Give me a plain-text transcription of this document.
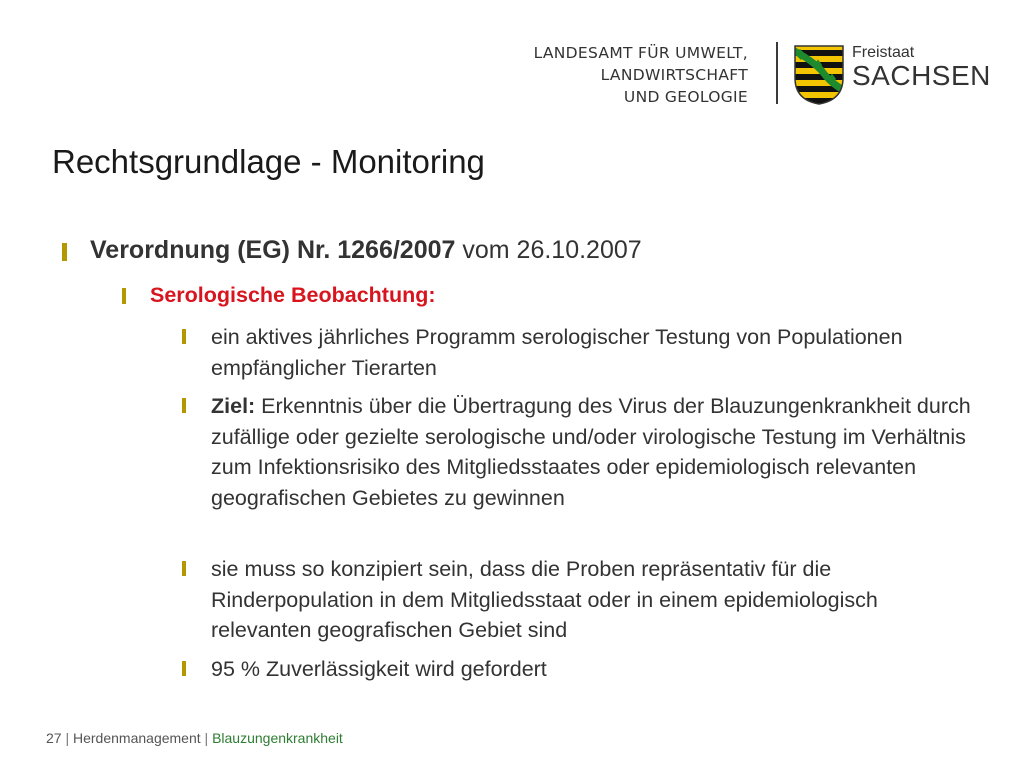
LANDESAMT FÜR UMWELT,
LANDWIRTSCHAFT
UND GEOLOGIE
Freistaat
SACHSEN
Rechtsgrundlage - Monitoring
Verordnung (EG) Nr. 1266/2007 vom 26.10.2007
Serologische Beobachtung:
ein aktives jährliches Programm serologischer Testung von Populationen empfänglicher Tierarten
Ziel: Erkenntnis über die Übertragung des Virus der Blauzungenkrankheit durch zufällige oder gezielte serologische und/oder virologische Testung im Verhältnis zum Infektionsrisiko des Mitgliedsstaates oder epidemiologisch relevanten geografischen Gebietes zu gewinnen
sie muss so konzipiert sein, dass die Proben repräsentativ für die Rinderpopulation in dem Mitgliedsstaat oder in einem epidemiologisch relevanten geografischen Gebiet sind
95 % Zuverlässigkeit wird gefordert
27 | Herdenmanagement | Blauzungenkrankheit
